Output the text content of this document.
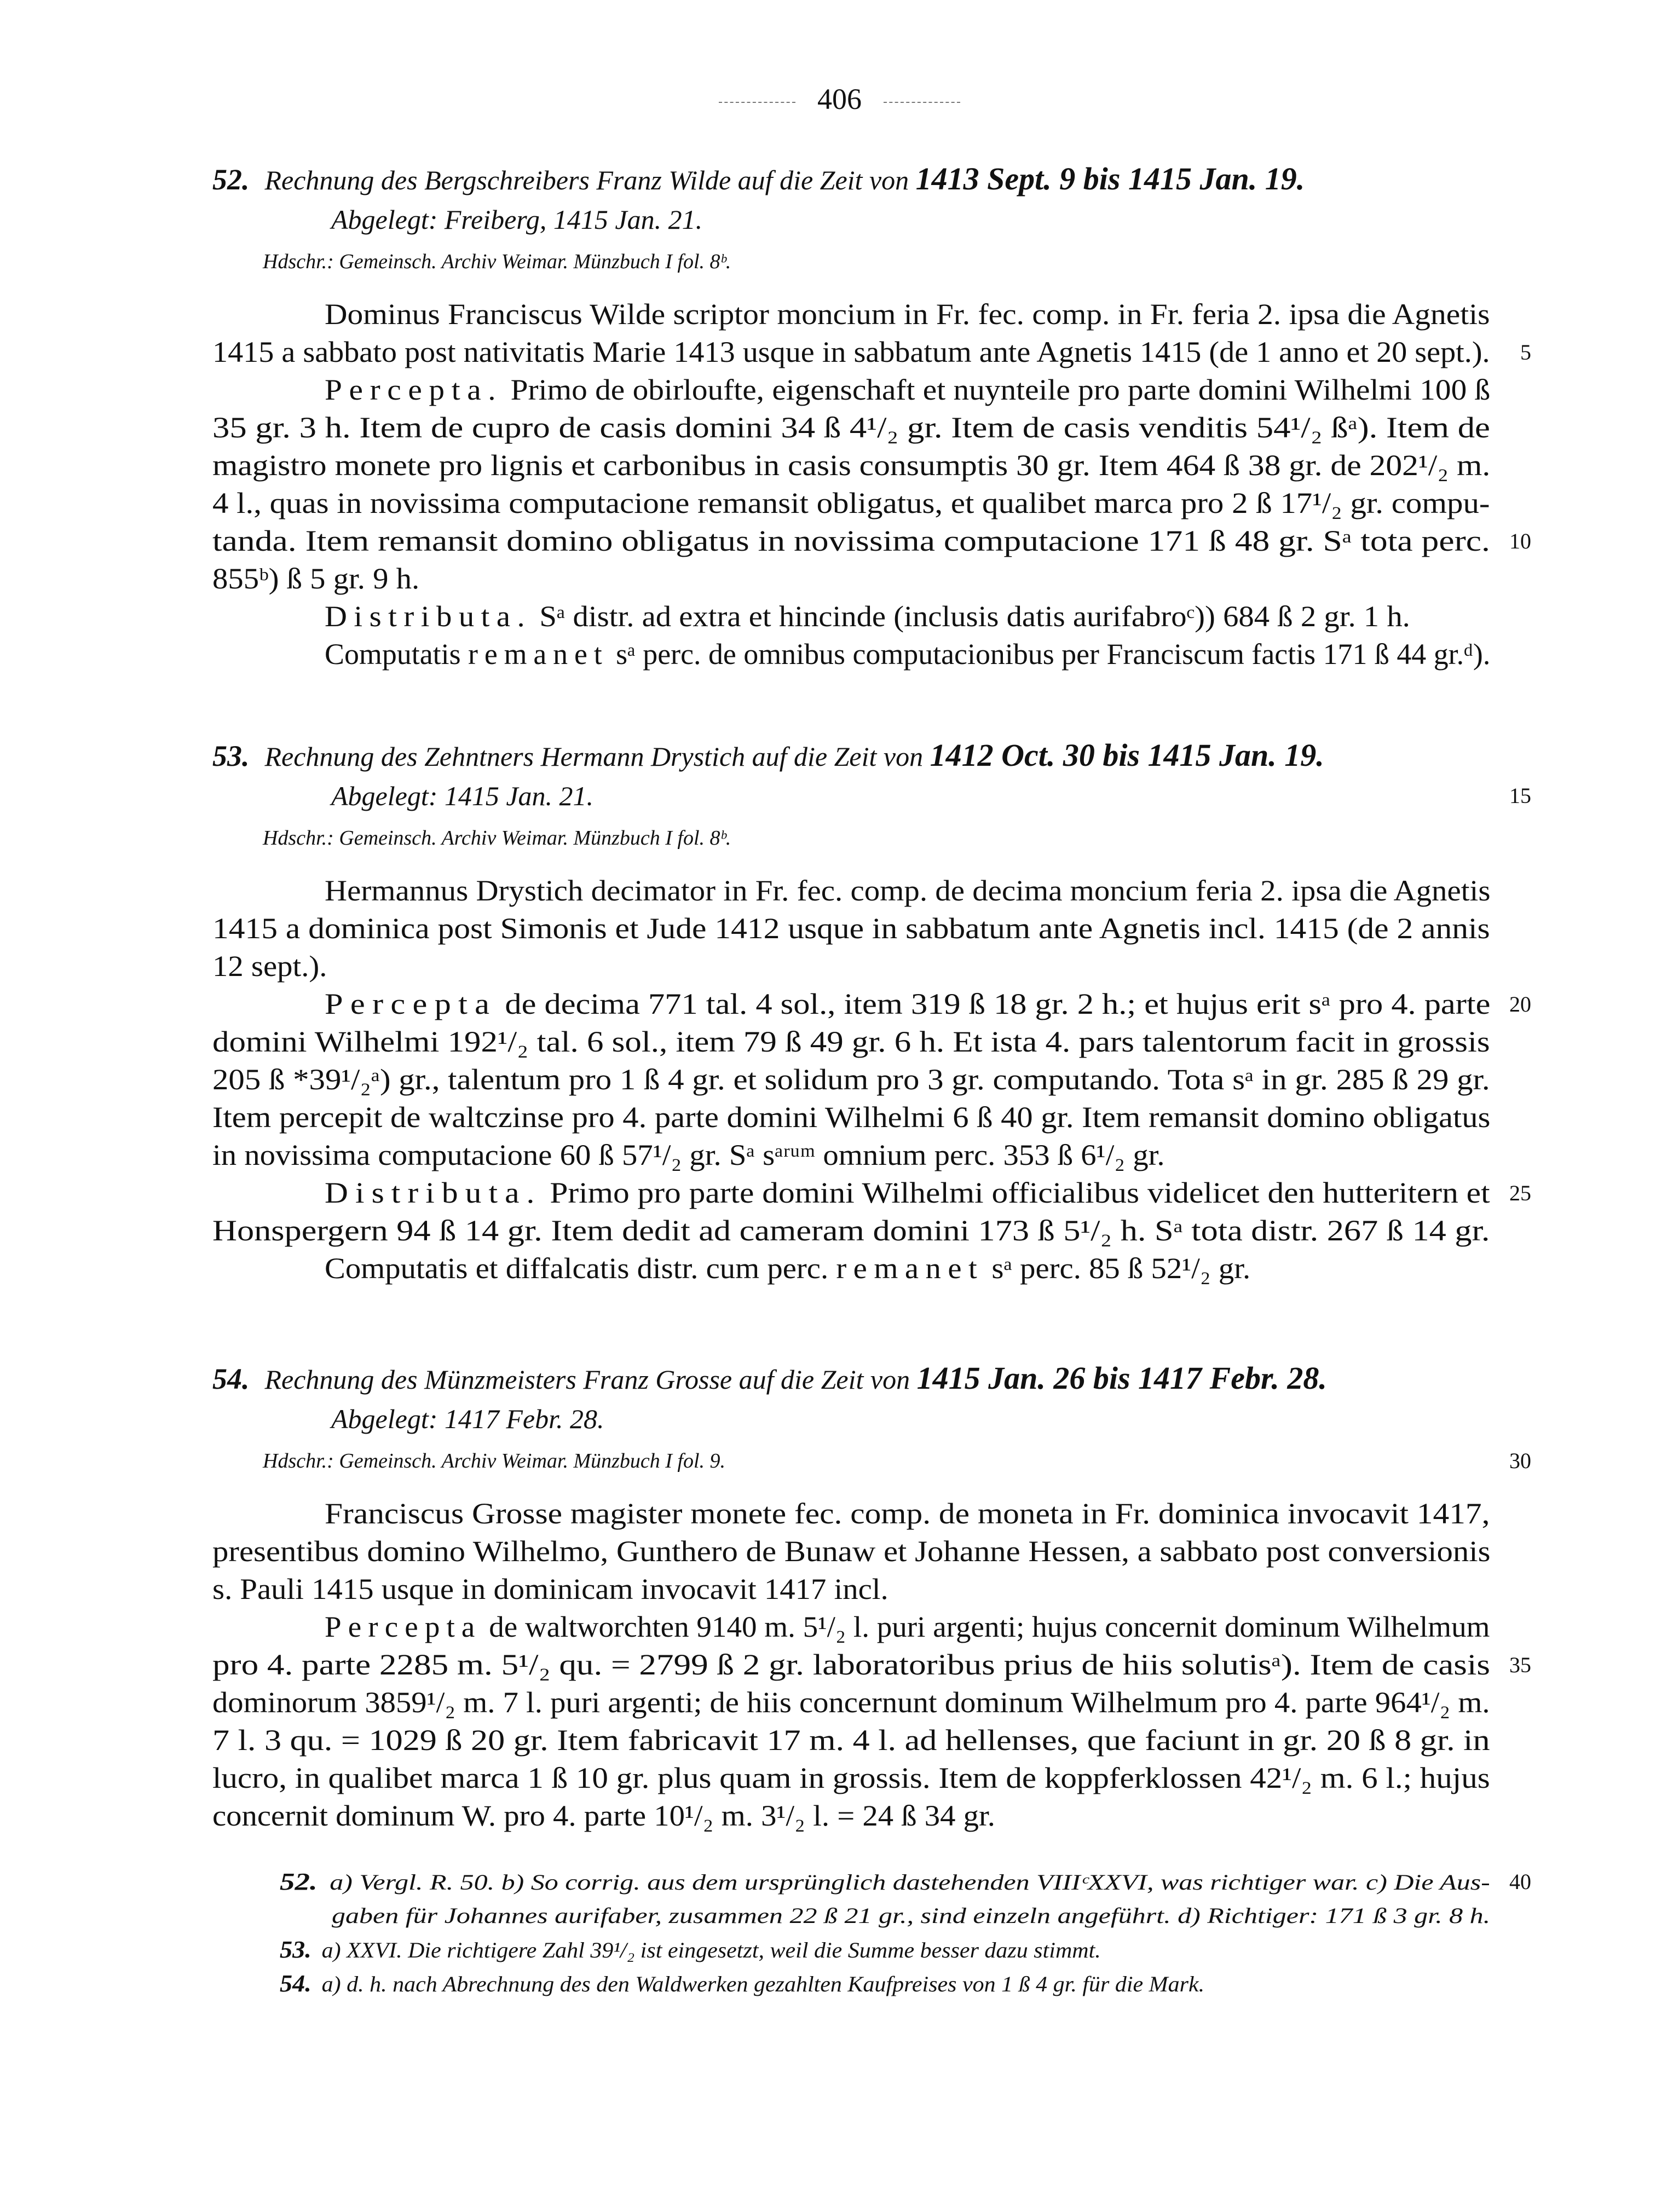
406
52. Rechnung des Bergschreibers Franz Wilde auf die Zeit von 1413 Sept. 9 bis 1415 Jan. 19.
Abgelegt: Freiberg, 1415 Jan. 21.
Hdschr.: Gemeinsch. Archiv Weimar. Münzbuch I fol. 8ᵇ.
Dominus Franciscus Wilde scriptor moncium in Fr. fec. comp. in Fr. feria 2. ipsa die Agnetis
1415 a sabbato post nativitatis Marie 1413 usque in sabbatum ante Agnetis 1415 (de 1 anno et 20 sept.). 5
Percepta. Primo de obirloufte, eigenschaft et nuynteile pro parte domini Wilhelmi 100 ß
35 gr. 3 h. Item de cupro de casis domini 34 ß 4¹/₂ gr. Item de casis venditis 54¹/₂ ßᵃ). Item de
magistro monete pro lignis et carbonibus in casis consumptis 30 gr. Item 464 ß 38 gr. de 202¹/₂ m.
4 l., quas in novissima computacione remansit obligatus, et qualibet marca pro 2 ß 17¹/₂ gr. compu-
tanda. Item remansit domino obligatus in novissima computacione 171 ß 48 gr. Sᵃ tota perc. 10
855ᵇ) ß 5 gr. 9 h.
Distributa. Sᵃ distr. ad extra et hincinde (inclusis datis aurifabroᶜ)) 684 ß 2 gr. 1 h.
Computatis remanet sᵃ perc. de omnibus computacionibus per Franciscum factis 171 ß 44 gr.ᵈ).
53. Rechnung des Zehntners Hermann Drystich auf die Zeit von 1412 Oct. 30 bis 1415 Jan. 19.
Abgelegt: 1415 Jan. 21.	15
Hdschr.: Gemeinsch. Archiv Weimar. Münzbuch I fol. 8ᵇ.
Hermannus Drystich decimator in Fr. fec. comp. de decima moncium feria 2. ipsa die Agnetis
1415 a dominica post Simonis et Jude 1412 usque in sabbatum ante Agnetis incl. 1415 (de 2 annis
12 sept.).
Percepta de decima 771 tal. 4 sol., item 319 ß 18 gr. 2 h.; et hujus erit sᵃ pro 4. parte 20
domini Wilhelmi 192¹/₂ tal. 6 sol., item 79 ß 49 gr. 6 h. Et ista 4. pars talentorum facit in grossis
205 ß *39¹/₂ᵃ) gr., talentum pro 1 ß 4 gr. et solidum pro 3 gr. computando. Tota sᵃ in gr. 285 ß 29 gr.
Item percepit de waltczinse pro 4. parte domini Wilhelmi 6 ß 40 gr. Item remansit domino obligatus
in novissima computacione 60 ß 57¹/₂ gr. Sᵃ sᵃʳᵘᵐ omnium perc. 353 ß 6¹/₂ gr.
Distributa. Primo pro parte domini Wilhelmi officialibus videlicet den hutteritern et 25
Honspergern 94 ß 14 gr. Item dedit ad cameram domini 173 ß 5¹/₂ h. Sᵃ tota distr. 267 ß 14 gr.
Computatis et diffalcatis distr. cum perc. remanet sᵃ perc. 85 ß 52¹/₂ gr.
54. Rechnung des Münzmeisters Franz Grosse auf die Zeit von 1415 Jan. 26 bis 1417 Febr. 28.
Abgelegt: 1417 Febr. 28.
Hdschr.: Gemeinsch. Archiv Weimar. Münzbuch I fol. 9.	30
Franciscus Grosse magister monete fec. comp. de moneta in Fr. dominica invocavit 1417,
presentibus domino Wilhelmo, Gunthero de Bunaw et Johanne Hessen, a sabbato post conversionis
s. Pauli 1415 usque in dominicam invocavit 1417 incl.
Percepta de waltworchten 9140 m. 5¹/₂ l. puri argenti; hujus concernit dominum Wilhelmum
pro 4. parte 2285 m. 5¹/₂ qu. = 2799 ß 2 gr. laboratoribus prius de hiis solutisᵃ). Item de casis 35
dominorum 3859¹/₂ m. 7 l. puri argenti; de hiis concernunt dominum Wilhelmum pro 4. parte 964¹/₂ m.
7 l. 3 qu. = 1029 ß 20 gr. Item fabricavit 17 m. 4 l. ad hellenses, que faciunt in gr. 20 ß 8 gr. in
lucro, in qualibet marca 1 ß 10 gr. plus quam in grossis. Item de koppferklossen 42¹/₂ m. 6 l.; hujus
concernit dominum W. pro 4. parte 10¹/₂ m. 3¹/₂ l. = 24 ß 34 gr.
52. a) Vergl. R. 50. b) So corrig. aus dem ursprünglich dastehenden VIIIᶜXXVI, was richtiger war. c) Die Aus- 40
gaben für Johannes aurifaber, zusammen 22 ß 21 gr., sind einzeln angeführt. d) Richtiger: 171 ß 3 gr. 8 h.
53. a) XXVI. Die richtigere Zahl 39¹/₂ ist eingesetzt, weil die Summe besser dazu stimmt.
54. a) d. h. nach Abrechnung des den Waldwerken gezahlten Kaufpreises von 1 ß 4 gr. für die Mark.
